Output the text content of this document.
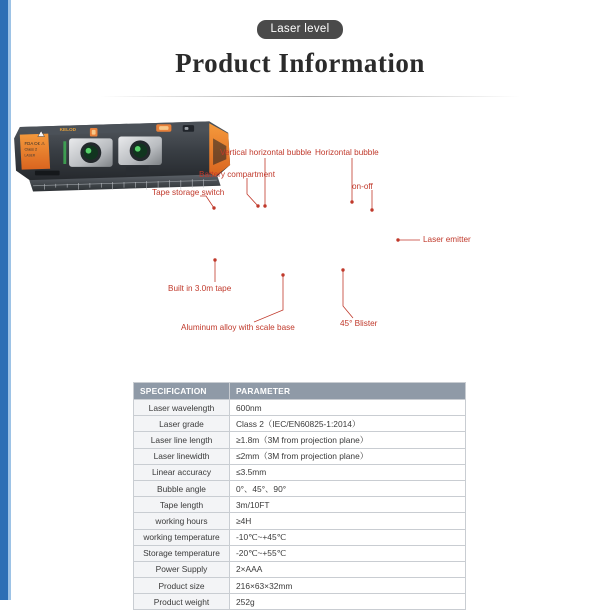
Laser level
Product Information
FDA C€ ⚠
Class 2
LASER
KELOD
Vertical horizontal bubble
Battery compartment
Horizontal bubble
on-off
Tape storage switch
Laser emitter
Built in 3.0m tape
Aluminum alloy with scale base	45° Blister
SPECIFICATION	PARAMETER
Laser wavelength	600nm
Laser grade	Class 2（IEC/EN60825-1:2014）
Laser line length	≥1.8m（3M from projection plane）
Laser linewidth	≤2mm（3M from projection plane）
Linear accuracy	≤3.5mm
Bubble angle	0°、45°、90°
Tape length	3m/10FT
working hours	≥4H
working temperature	-10℃~+45℃
Storage temperature	-20℃~+55℃
Power Supply	2×AAA
Product size	216×63×32mm
Product weight	252g
